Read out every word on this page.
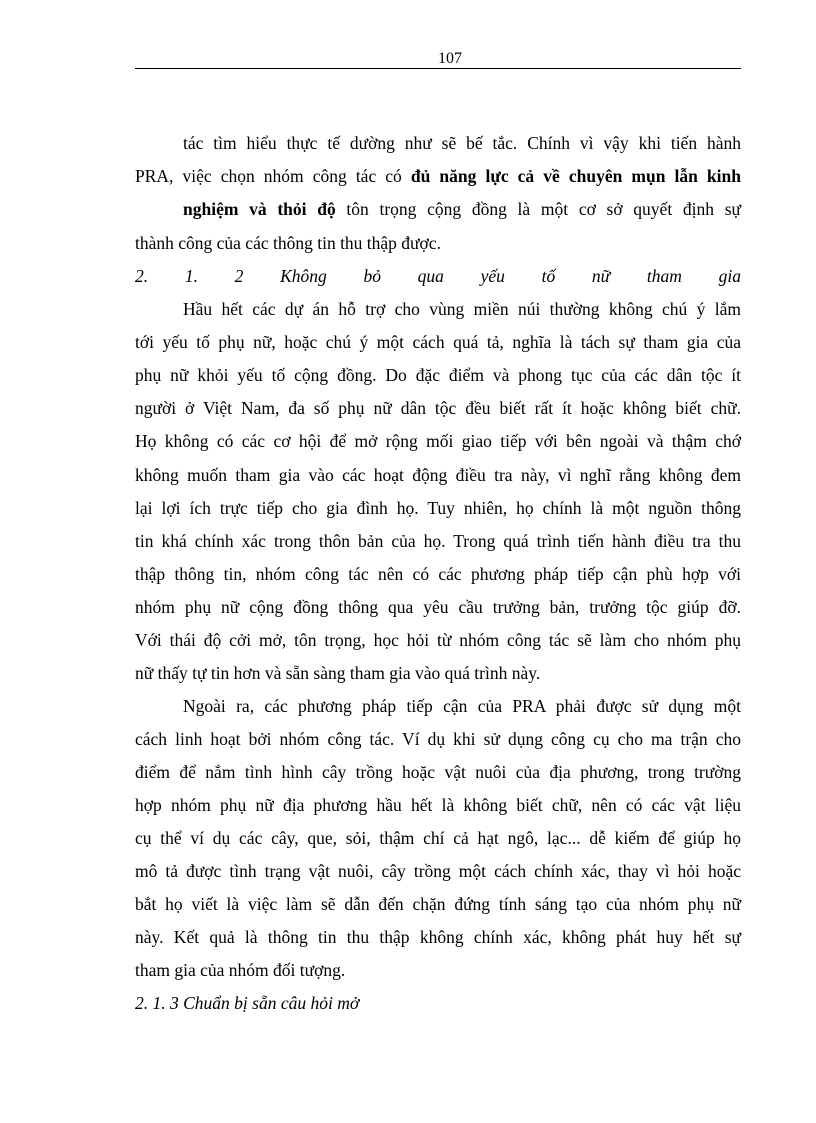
107
tác tìm hiểu thực tế dường như sẽ bế tắc. Chính vì vậy khi tiến hành
PRA, việc chọn nhóm công tác có đủ năng lực cả về chuyên mụn lẫn kinh
nghiệm và thỏi độ tôn trọng cộng đồng là một cơ sở quyết định sự
thành công của các thông tin thu thập được.
2. 1. 2 Không bỏ qua yếu tố nữ tham gia
Hầu hết các dự án hỗ trợ cho vùng miền núi thường không chú ý lắm
tới yếu tố phụ nữ, hoặc chú ý một cách quá tả, nghĩa là tách sự tham gia của
phụ nữ khỏi yếu tố cộng đồng. Do đặc điểm và phong tục của các dân tộc ít
người ở Việt Nam, đa số phụ nữ dân tộc đều biết rất ít hoặc không biết chữ.
Họ không có các cơ hội để mở rộng mối giao tiếp với bên ngoài và thậm chớ
không muốn tham gia vào các hoạt động điều tra này, vì nghĩ rằng không đem
lại lợi ích trực tiếp cho gia đình họ. Tuy nhiên, họ chính là một nguồn thông
tin khá chính xác trong thôn bản của họ. Trong quá trình tiến hành điều tra thu
thập thông tin, nhóm công tác nên có các phương pháp tiếp cận phù hợp với
nhóm phụ nữ cộng đồng thông qua yêu cầu trưởng bản, trưởng tộc giúp đỡ.
Với thái độ cởi mở, tôn trọng, học hỏi từ nhóm công tác sẽ làm cho nhóm phụ
nữ thấy tự tin hơn và sẵn sàng tham gia vào quá trình này.
Ngoài ra, các phương pháp tiếp cận của PRA phải được sử dụng một
cách linh hoạt bởi nhóm công tác. Ví dụ khi sử dụng công cụ cho ma trận cho
điểm để nắm tình hình cây trồng hoặc vật nuôi của địa phương, trong trường
hợp nhóm phụ nữ địa phương hầu hết là không biết chữ, nên có các vật liệu
cụ thể ví dụ các cây, que, sỏi, thậm chí cả hạt ngô, lạc... dễ kiếm để giúp họ
mô tả được tình trạng vật nuôi, cây trồng một cách chính xác, thay vì hỏi hoặc
bắt họ viết là việc làm sẽ dẫn đến chặn đứng tính sáng tạo của nhóm phụ nữ
này. Kết quả là thông tin thu thập không chính xác, không phát huy hết sự
tham gia của nhóm đối tượng.
2. 1. 3 Chuẩn bị sẵn câu hỏi mở
